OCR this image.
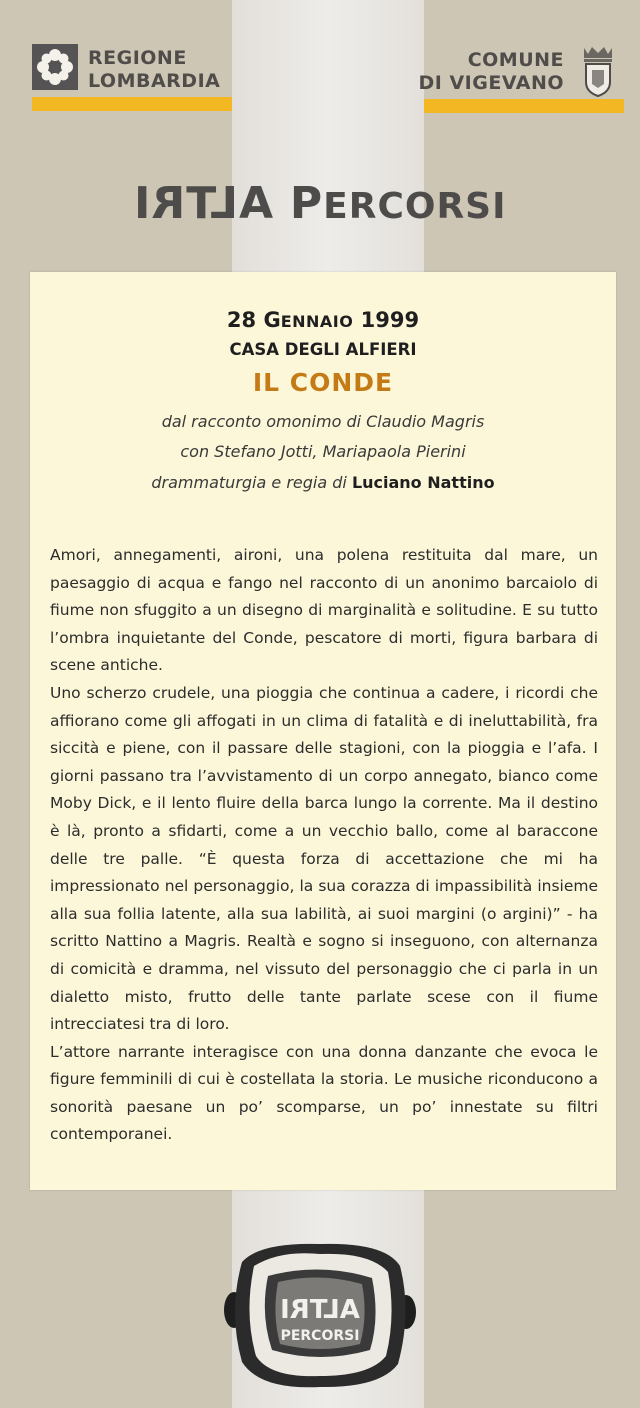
REGIONE
LOMBARDIA
COMUNE
DI VIGEVANO
ALTRI PERCORSI
28 GENNAIO 1999
CASA DEGLI ALFIERI
IL CONDE
dal racconto omonimo di Claudio Magris
con Stefano Jotti, Mariapaola Pierini
drammaturgia e regia di Luciano Nattino

Amori, annegamenti, aironi, una polena restituita dal mare, un paesaggio di acqua e fango nel racconto di un anonimo barcaiolo di fiume non sfuggito a un disegno di marginalità e solitudine. E su tutto l’ombra inquietante del Conde, pescatore di morti, figura barbara di scene antiche.

Uno scherzo crudele, una pioggia che continua a cadere, i ricordi che affiorano come gli affogati in un clima di fatalità e di ineluttabilità, fra siccità e piene, con il passare delle stagioni, con la pioggia e l’afa. I giorni passano tra l’avvistamento di un corpo annegato, bianco come Moby Dick, e il lento fluire della barca lungo la corrente. Ma il destino è là, pronto a sfidarti, come a un vecchio ballo, come al baraccone delle tre palle. “È questa forza di accettazione che mi ha impressionato nel personaggio, la sua corazza di impassibilità insieme alla sua follia latente, alla sua labilità, ai suoi margini (o argini)” - ha scritto Nattino a Magris. Realtà e sogno si inseguono, con alternanza di comicità e dramma, nel vissuto del personaggio che ci parla in un dialetto misto, frutto delle tante parlate scese con il fiume intrecciatesi tra di loro.

L’attore narrante interagisce con una donna danzante che evoca le figure femminili di cui è costellata la storia. Le musiche riconducono a sonorità paesane un po’ scomparse, un po’ innestate su filtri contemporanei.

ALTRI
PERCORSI
